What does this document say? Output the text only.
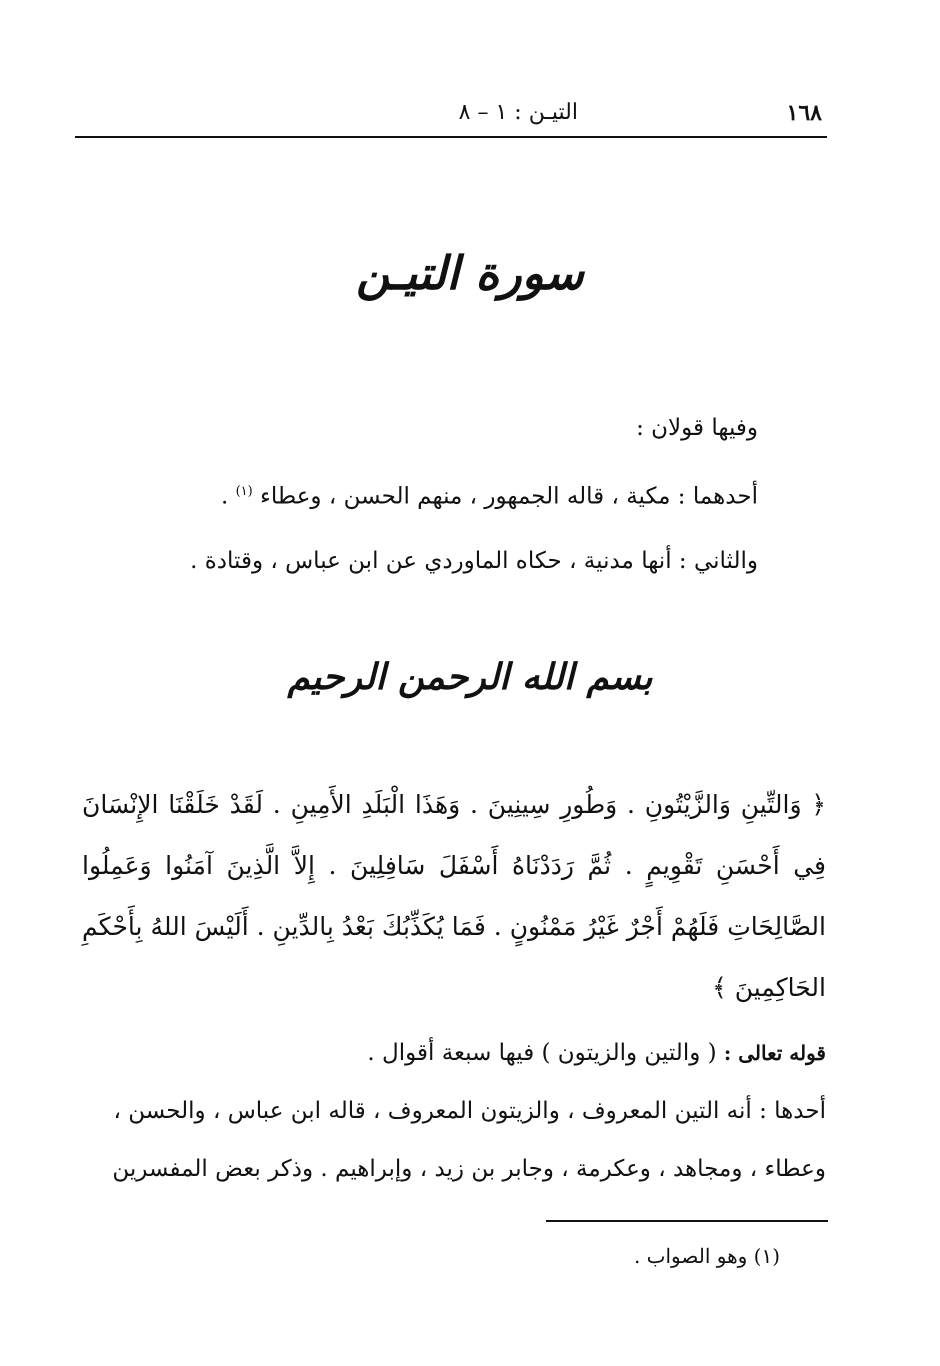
١٦٨
التيـن : ١ – ٨
سورة التيـن

وفيها قولان :

أحدهما : مكية ، قاله الجمهور ، منهم الحسن ، وعطاء $^{(١)}$ .

والثاني : أنها مدنية ، حكاه الماوردي عن ابن عباس ، وقتادة .

بسم الله الرحمن الرحيم

﴿ وَالتِّينِ وَالزَّيْتُونِ . وَطُورِ سِينِينَ . وَهَذَا الْبَلَدِ الأَمِينِ . لَقَدْ خَلَقْنَا الإِنْسَانَ فِي أَحْسَنِ تَقْوِيمٍ . ثُمَّ رَدَدْنَاهُ أَسْفَلَ سَافِلِينَ . إِلاَّ الَّذِينَ آمَنُوا وَعَمِلُوا الصَّالِحَاتِ فَلَهُمْ أَجْرٌ غَيْرُ مَمْنُونٍ . فَمَا يُكَذِّبُكَ بَعْدُ بِالدِّينِ . أَلَيْسَ اللهُ بِأَحْكَمِ الحَاكِمِينَ ﴾

قوله تعالى : ( والتين والزيتون ) فيها سبعة أقوال .

أحدها : أنه التين المعروف ، والزيتون المعروف ، قاله ابن عباس ، والحسن ،

وعطاء ، ومجاهد ، وعكرمة ، وجابر بن زيد ، وإبراهيم . وذكر بعض المفسرين

(١) وهو الصواب .
